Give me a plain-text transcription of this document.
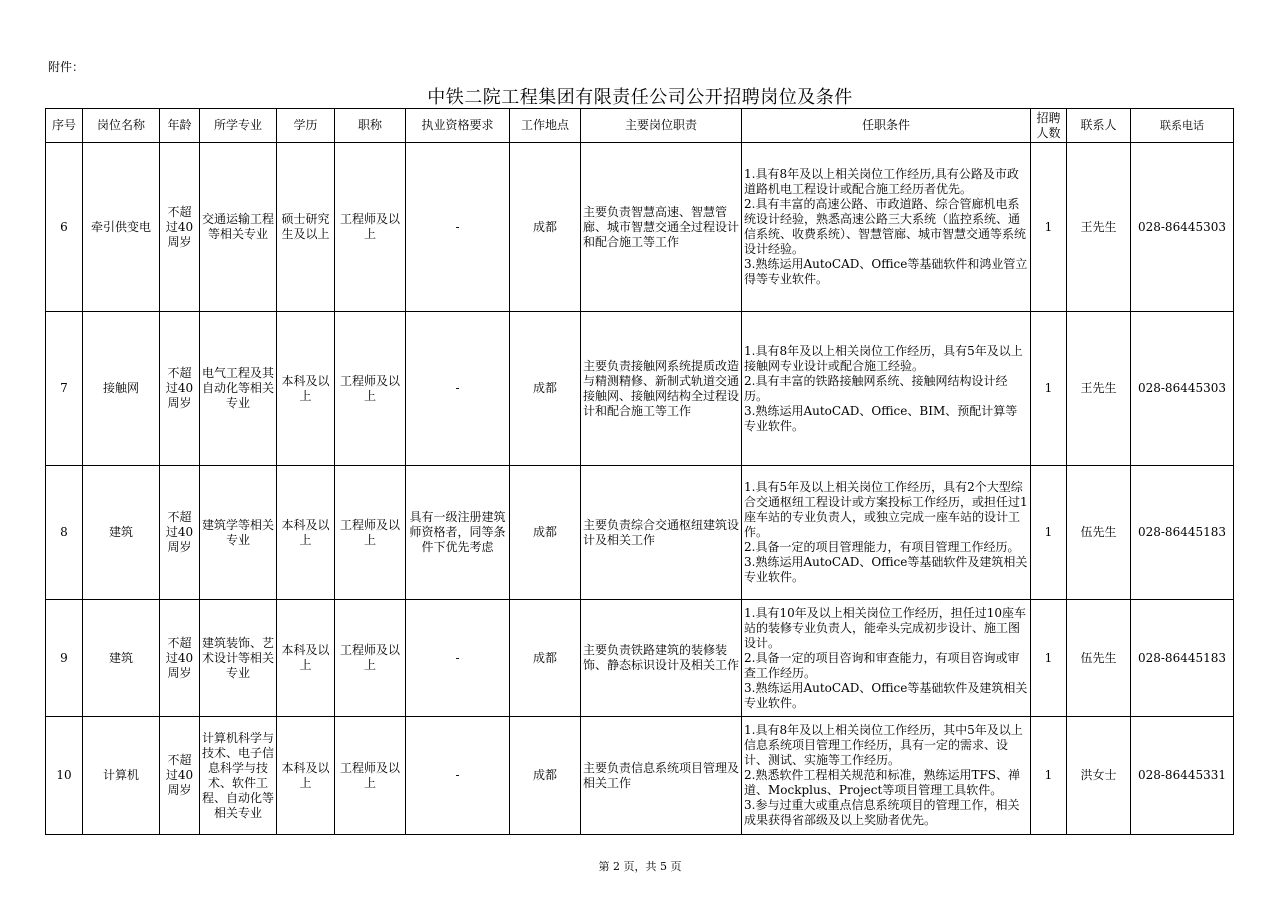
附件：
中铁二院工程集团有限责任公司公开招聘岗位及条件
序号	岗位名称	年龄	所学专业	学历	职称	执业资格要求	工作地点	主要岗位职责	任职条件	招聘人数	联系人	联系电话
6	牵引供变电	不超过40周岁	交通运输工程等相关专业	硕士研究生及以上	工程师及以上	-	成都	主要负责智慧高速、智慧管廊、城市智慧交通全过程设计和配合施工等工作	1.具有8年及以上相关岗位工作经历,具有公路及市政道路机电工程设计或配合施工经历者优先。
2.具有丰富的高速公路、市政道路、综合管廊机电系统设计经验，熟悉高速公路三大系统（监控系统、通信系统、收费系统）、智慧管廊、城市智慧交通等系统设计经验。
3.熟练运用AutoCAD、Office等基础软件和鸿业管立得等专业软件。	1	王先生	028-86445303
7	接触网	不超过40周岁	电气工程及其自动化等相关专业	本科及以上	工程师及以上	-	成都	主要负责接触网系统提质改造与精测精修、新制式轨道交通接触网、接触网结构全过程设计和配合施工等工作	1.具有8年及以上相关岗位工作经历，具有5年及以上接触网专业设计或配合施工经验。
2.具有丰富的铁路接触网系统、接触网结构设计经历。
3.熟练运用AutoCAD、Office、BIM、预配计算等专业软件。	1	王先生	028-86445303
8	建筑	不超过40周岁	建筑学等相关专业	本科及以上	工程师及以上	具有一级注册建筑师资格者，同等条件下优先考虑	成都	主要负责综合交通枢纽建筑设计及相关工作	1.具有5年及以上相关岗位工作经历，具有2个大型综合交通枢纽工程设计或方案投标工作经历，或担任过1座车站的专业负责人，或独立完成一座车站的设计工作。
2.具备一定的项目管理能力，有项目管理工作经历。
3.熟练运用AutoCAD、Office等基础软件及建筑相关专业软件。	1	伍先生	028-86445183
9	建筑	不超过40周岁	建筑装饰、艺术设计等相关专业	本科及以上	工程师及以上	-	成都	主要负责铁路建筑的装修装饰、静态标识设计及相关工作	1.具有10年及以上相关岗位工作经历，担任过10座车站的装修专业负责人，能牵头完成初步设计、施工图设计。
2.具备一定的项目咨询和审查能力，有项目咨询或审查工作经历。
3.熟练运用AutoCAD、Office等基础软件及建筑相关专业软件。	1	伍先生	028-86445183
10	计算机	不超过40周岁	计算机科学与技术、电子信息科学与技术、软件工程、自动化等相关专业	本科及以上	工程师及以上	-	成都	主要负责信息系统项目管理及相关工作	1.具有8年及以上相关岗位工作经历，其中5年及以上信息系统项目管理工作经历，具有一定的需求、设计、测试、实施等工作经历。
2.熟悉软件工程相关规范和标准，熟练运用TFS、禅道、Mockplus、Project等项目管理工具软件。
3.参与过重大或重点信息系统项目的管理工作，相关成果获得省部级及以上奖励者优先。	1	洪女士	028-86445331
第 2 页，共 5 页
